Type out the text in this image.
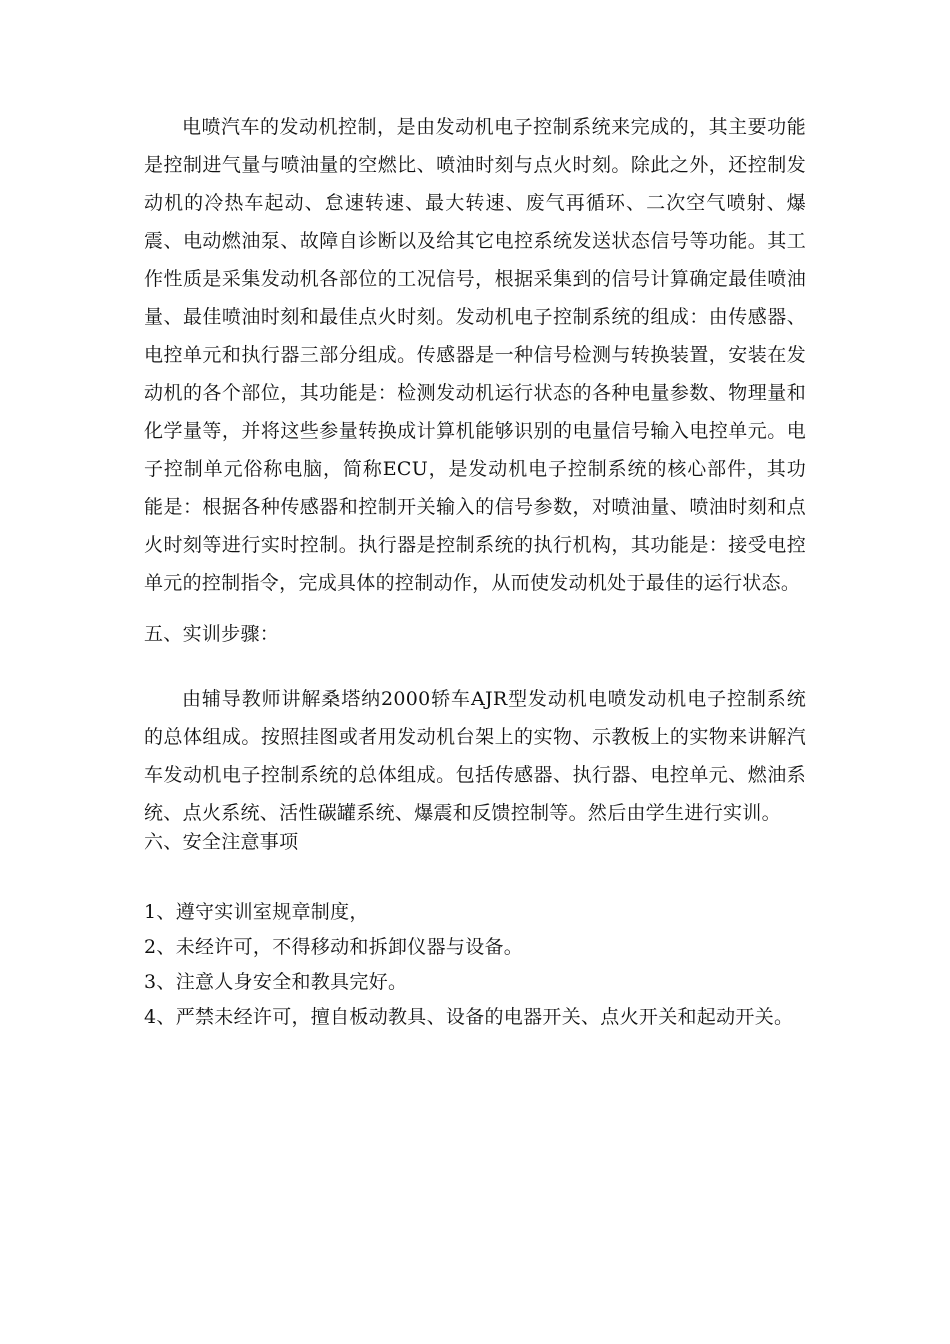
电喷汽车的发动机控制，是由发动机电子控制系统来完成的，其主要功能是控制进气量与喷油量的空燃比、喷油时刻与点火时刻。除此之外，还控制发动机的冷热车起动、怠速转速、最大转速、废气再循环、二次空气喷射、爆震、电动燃油泵、故障自诊断以及给其它电控系统发送状态信号等功能。其工作性质是采集发动机各部位的工况信号，根据采集到的信号计算确定最佳喷油量、最佳喷油时刻和最佳点火时刻。发动机电子控制系统的组成：由传感器、电控单元和执行器三部分组成。传感器是一种信号检测与转换装置，安装在发动机的各个部位，其功能是：检测发动机运行状态的各种电量参数、物理量和化学量等，并将这些参量转换成计算机能够识别的电量信号输入电控单元。电子控制单元俗称电脑，简称ECU，是发动机电子控制系统的核心部件，其功能是：根据各种传感器和控制开关输入的信号参数，对喷油量、喷油时刻和点火时刻等进行实时控制。执行器是控制系统的执行机构，其功能是：接受电控单元的控制指令，完成具体的控制动作，从而使发动机处于最佳的运行状态。

五、实训步骤：

由辅导教师讲解桑塔纳2000轿车AJR型发动机电喷发动机电子控制系统的总体组成。按照挂图或者用发动机台架上的实物、示教板上的实物来讲解汽车发动机电子控制系统的总体组成。包括传感器、执行器、电控单元、燃油系统、点火系统、活性碳罐系统、爆震和反馈控制等。然后由学生进行实训。

六、安全注意事项

1、遵守实训室规章制度，

2、未经许可，不得移动和拆卸仪器与设备。

3、注意人身安全和教具完好。

4、严禁未经许可，擅自板动教具、设备的电器开关、点火开关和起动开关。
